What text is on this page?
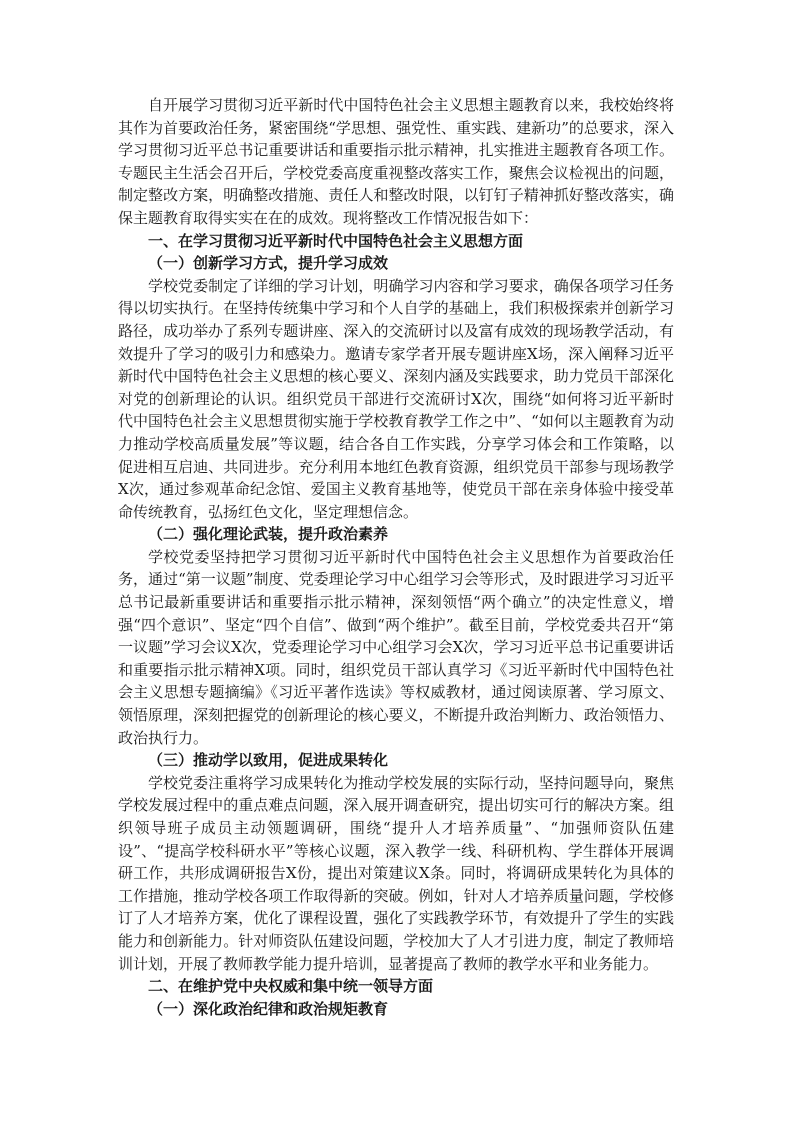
自开展学习贯彻习近平新时代中国特色社会主义思想主题教育以来，我校始终将其作为首要政治任务，紧密围绕“学思想、强党性、重实践、建新功”的总要求，深入学习贯彻习近平总书记重要讲话和重要指示批示精神，扎实推进主题教育各项工作。专题民主生活会召开后，学校党委高度重视整改落实工作，聚焦会议检视出的问题，制定整改方案，明确整改措施、责任人和整改时限，以钉钉子精神抓好整改落实，确保主题教育取得实实在在的成效。现将整改工作情况报告如下：

一、在学习贯彻习近平新时代中国特色社会主义思想方面

（一）创新学习方式，提升学习成效

学校党委制定了详细的学习计划，明确学习内容和学习要求，确保各项学习任务得以切实执行。在坚持传统集中学习和个人自学的基础上，我们积极探索并创新学习路径，成功举办了系列专题讲座、深入的交流研讨以及富有成效的现场教学活动，有效提升了学习的吸引力和感染力。邀请专家学者开展专题讲座X场，深入阐释习近平新时代中国特色社会主义思想的核心要义、深刻内涵及实践要求，助力党员干部深化对党的创新理论的认识。组织党员干部进行交流研讨X次，围绕“如何将习近平新时代中国特色社会主义思想贯彻实施于学校教育教学工作之中”、“如何以主题教育为动力推动学校高质量发展”等议题，结合各自工作实践，分享学习体会和工作策略，以促进相互启迪、共同进步。充分利用本地红色教育资源，组织党员干部参与现场教学X次，通过参观革命纪念馆、爱国主义教育基地等，使党员干部在亲身体验中接受革命传统教育，弘扬红色文化，坚定理想信念。

（二）强化理论武装，提升政治素养

学校党委坚持把学习贯彻习近平新时代中国特色社会主义思想作为首要政治任务，通过“第一议题”制度、党委理论学习中心组学习会等形式，及时跟进学习习近平总书记最新重要讲话和重要指示批示精神，深刻领悟“两个确立”的决定性意义，增强“四个意识”、坚定“四个自信”、做到“两个维护”。截至目前，学校党委共召开“第一议题”学习会议X次，党委理论学习中心组学习会X次，学习习近平总书记重要讲话和重要指示批示精神X项。同时，组织党员干部认真学习《习近平新时代中国特色社会主义思想专题摘编》《习近平著作选读》等权威教材，通过阅读原著、学习原文、领悟原理，深刻把握党的创新理论的核心要义，不断提升政治判断力、政治领悟力、政治执行力。

（三）推动学以致用，促进成果转化

学校党委注重将学习成果转化为推动学校发展的实际行动，坚持问题导向，聚焦学校发展过程中的重点难点问题，深入展开调查研究，提出切实可行的解决方案。组织领导班子成员主动领题调研，围绕“提升人才培养质量”、“加强师资队伍建设”、“提高学校科研水平”等核心议题，深入教学一线、科研机构、学生群体开展调研工作，共形成调研报告X份，提出对策建议X条。同时，将调研成果转化为具体的工作措施，推动学校各项工作取得新的突破。例如，针对人才培养质量问题，学校修订了人才培养方案，优化了课程设置，强化了实践教学环节，有效提升了学生的实践能力和创新能力。针对师资队伍建设问题，学校加大了人才引进力度，制定了教师培训计划，开展了教师教学能力提升培训，显著提高了教师的教学水平和业务能力。

二、在维护党中央权威和集中统一领导方面

（一）深化政治纪律和政治规矩教育
